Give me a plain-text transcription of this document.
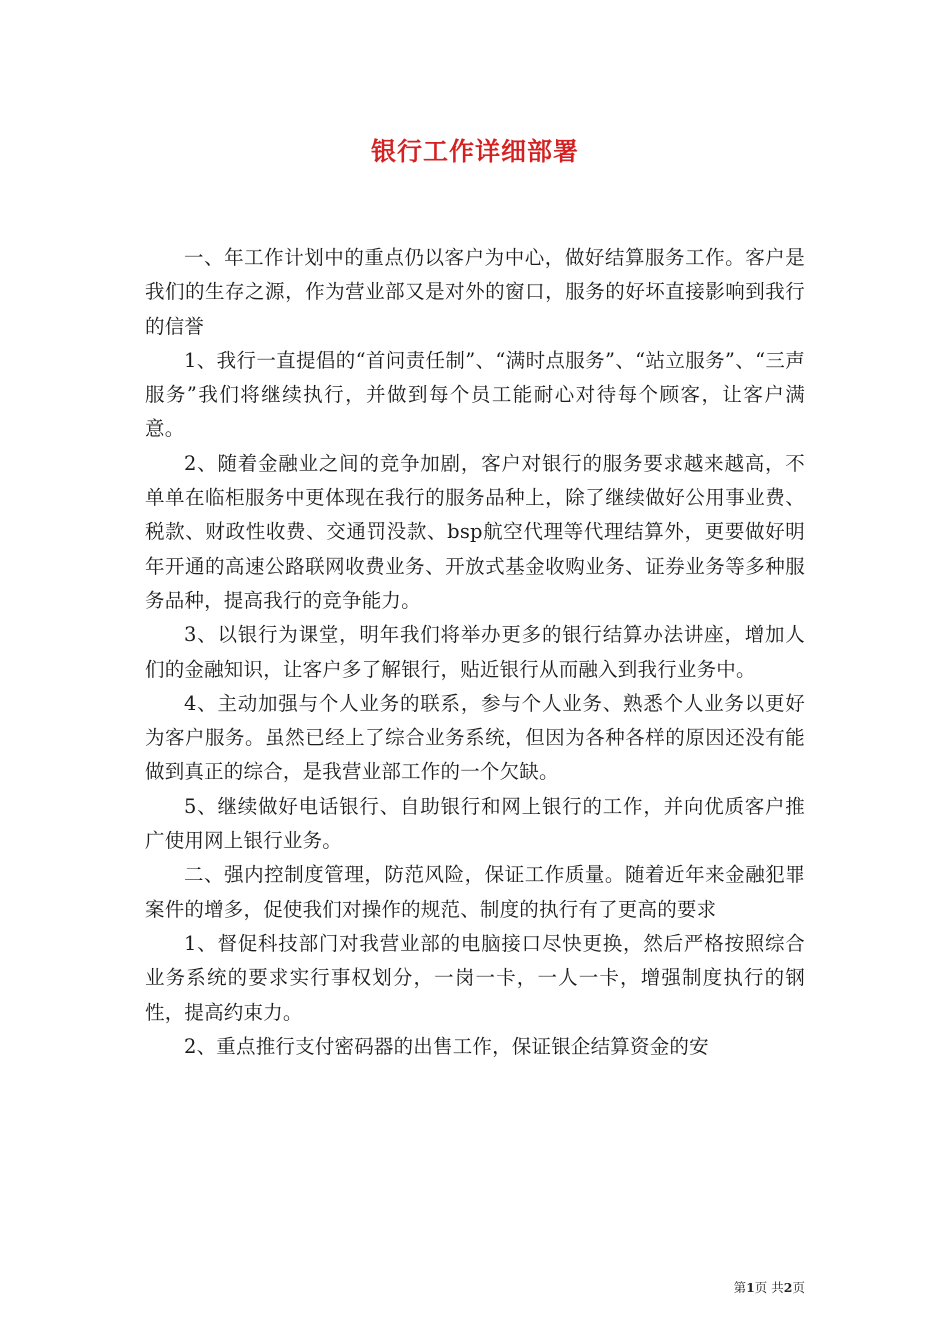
银行工作详细部署

一、年工作计划中的重点仍以客户为中心，做好结算服务工作。客户是我们的生存之源，作为营业部又是对外的窗口，服务的好坏直接影响到我行的信誉

1、我行一直提倡的“首问责任制”、“满时点服务”、“站立服务”、“三声服务”我们将继续执行，并做到每个员工能耐心对待每个顾客，让客户满意。

2、随着金融业之间的竞争加剧，客户对银行的服务要求越来越高，不单单在临柜服务中更体现在我行的服务品种上，除了继续做好公用事业费、税款、财政性收费、交通罚没款、bsp航空代理等代理结算外，更要做好明年开通的高速公路联网收费业务、开放式基金收购业务、证券业务等多种服务品种，提高我行的竞争能力。

3、以银行为课堂，明年我们将举办更多的银行结算办法讲座，增加人们的金融知识，让客户多了解银行，贴近银行从而融入到我行业务中。

4、主动加强与个人业务的联系，参与个人业务、熟悉个人业务以更好为客户服务。虽然已经上了综合业务系统，但因为各种各样的原因还没有能做到真正的综合，是我营业部工作的一个欠缺。

5、继续做好电话银行、自助银行和网上银行的工作，并向优质客户推广使用网上银行业务。

二、强内控制度管理，防范风险，保证工作质量。随着近年来金融犯罪案件的增多，促使我们对操作的规范、制度的执行有了更高的要求

1、督促科技部门对我营业部的电脑接口尽快更换，然后严格按照综合业务系统的要求实行事权划分，一岗一卡，一人一卡，增强制度执行的钢性，提高约束力。

2、重点推行支付密码器的出售工作，保证银企结算资金的安

第1页 共2页
